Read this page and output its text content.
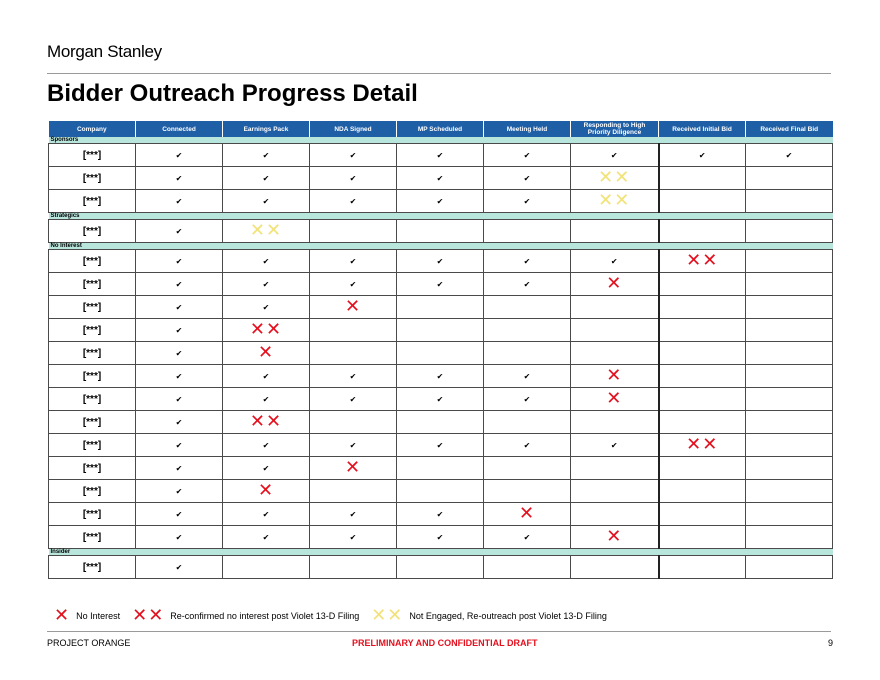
Morgan Stanley
Bidder Outreach Progress Detail
Company	Connected	Earnings Pack	NDA Signed	MP Scheduled	Meeting Held	Responding to High Priority Diligence	Received Initial Bid	Received Final Bid
Sponsors								
[***]	✔	✔	✔	✔	✔	✔	✔	✔
[***]	✔	✔	✔	✔	✔	✕✕		
[***]	✔	✔	✔	✔	✔	✕✕		
Strategics								
[***]	✔	✕✕						
No Interest								
[***]	✔	✔	✔	✔	✔	✔	✕✕	
[***]	✔	✔	✔	✔	✔	✕		
[***]	✔	✔	✕					
[***]	✔	✕✕						
[***]	✔	✕						
[***]	✔	✔	✔	✔	✔	✕		
[***]	✔	✔	✔	✔	✔	✕		
[***]	✔	✕✕						
[***]	✔	✔	✔	✔	✔	✔	✕✕	
[***]	✔	✔	✕					
[***]	✔	✕						
[***]	✔	✔	✔	✔	✕			
[***]	✔	✔	✔	✔	✔	✕		
Insider								
[***]	✔							
✕ No Interest ✕✕ Re-confirmed no interest post Violet 13-D Filing ✕✕ Not Engaged, Re-outreach post Violet 13-D Filing
PROJECT ORANGE	PRELIMINARY AND CONFIDENTIAL DRAFT	9
